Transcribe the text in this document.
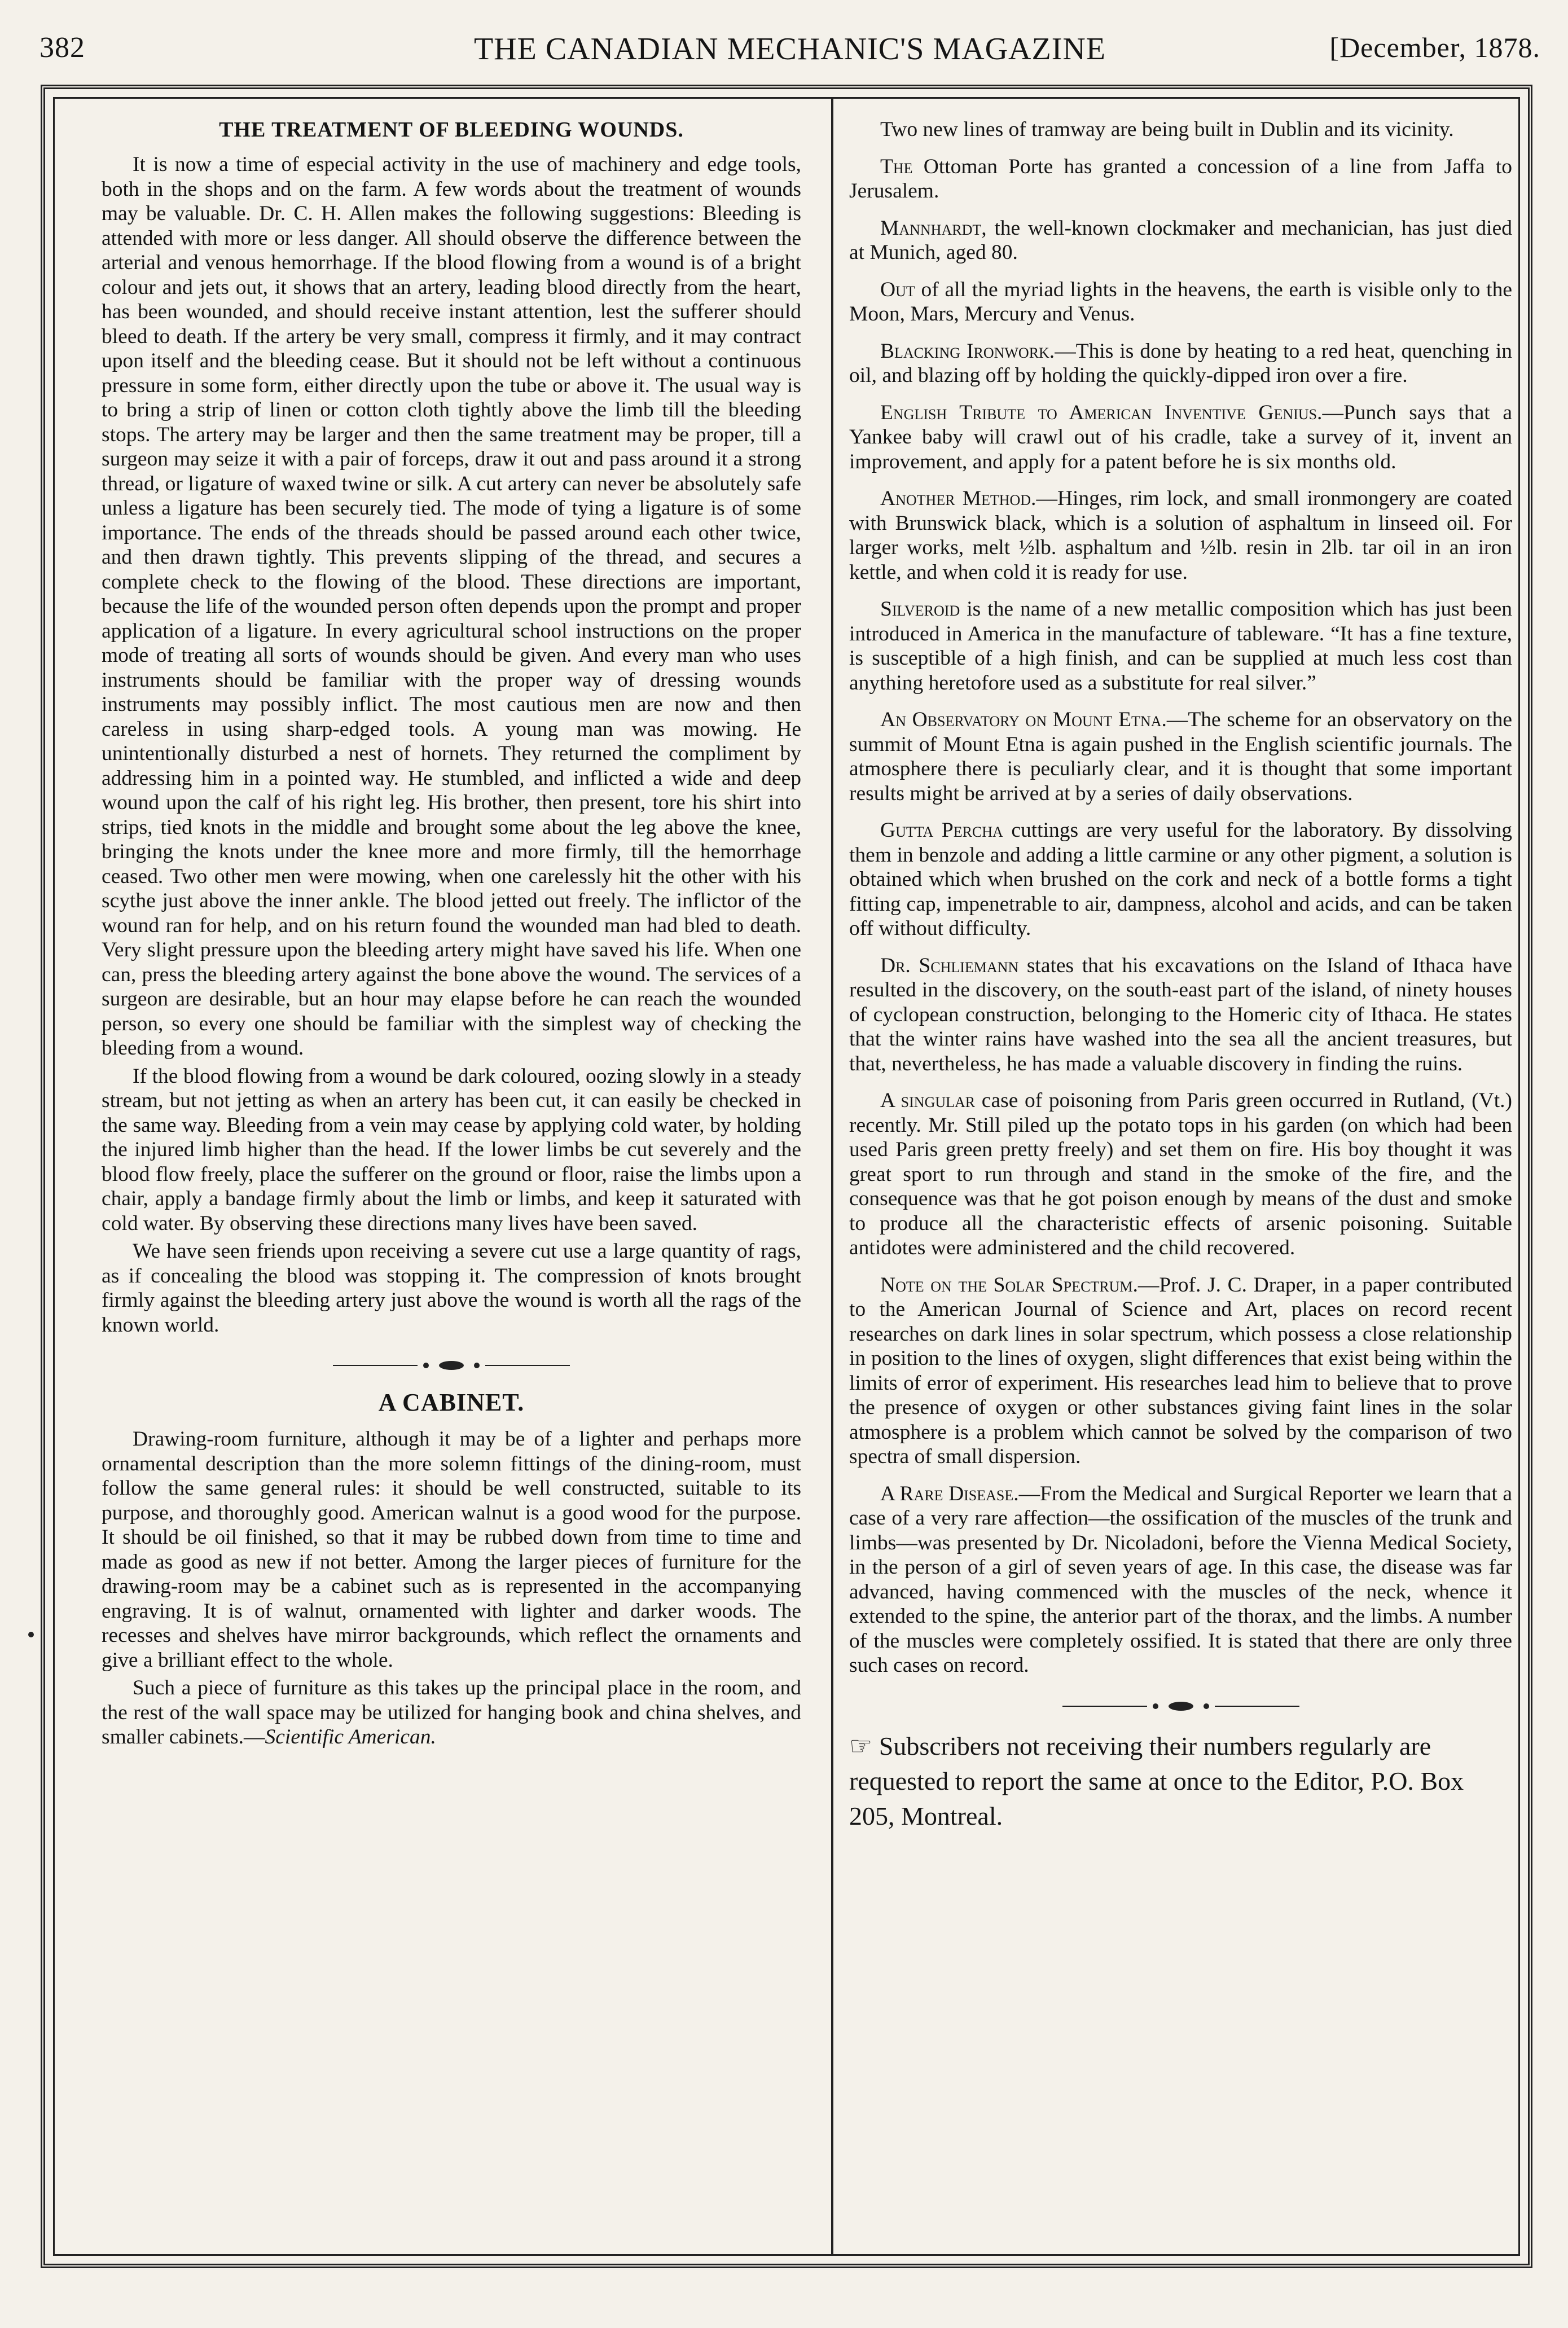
382	THE CANADIAN MECHANIC'S MAGAZINE	[December, 1878.
THE TREATMENT OF BLEEDING WOUNDS.

It is now a time of especial activity in the use of machinery and edge tools, both in the shops and on the farm. A few words about the treatment of wounds may be valuable. Dr. C. H. Allen makes the following suggestions: Bleeding is attended with more or less danger. All should observe the difference between the arterial and venous hemorrhage. If the blood flowing from a wound is of a bright colour and jets out, it shows that an artery, leading blood directly from the heart, has been wounded, and should receive instant attention, lest the sufferer should bleed to death. If the artery be very small, compress it firmly, and it may contract upon itself and the bleeding cease. But it should not be left without a continuous pressure in some form, either directly upon the tube or above it. The usual way is to bring a strip of linen or cotton cloth tightly above the limb till the bleeding stops. The artery may be larger and then the same treatment may be proper, till a surgeon may seize it with a pair of forceps, draw it out and pass around it a strong thread, or ligature of waxed twine or silk. A cut artery can never be absolutely safe unless a ligature has been securely tied. The mode of tying a ligature is of some importance. The ends of the threads should be passed around each other twice, and then drawn tightly. This prevents slipping of the thread, and secures a complete check to the flowing of the blood. These directions are important, because the life of the wounded person often depends upon the prompt and proper application of a ligature. In every agricultural school instructions on the proper mode of treating all sorts of wounds should be given. And every man who uses instruments should be familiar with the proper way of dressing wounds instruments may possibly inflict. The most cautious men are now and then careless in using sharp-edged tools. A young man was mowing. He unintentionally disturbed a nest of hornets. They returned the compliment by addressing him in a pointed way. He stumbled, and inflicted a wide and deep wound upon the calf of his right leg. His brother, then present, tore his shirt into strips, tied knots in the middle and brought some about the leg above the knee, bringing the knots under the knee more and more firmly, till the hemorrhage ceased. Two other men were mowing, when one carelessly hit the other with his scythe just above the inner ankle. The blood jetted out freely. The inflictor of the wound ran for help, and on his return found the wounded man had bled to death. Very slight pressure upon the bleeding artery might have saved his life. When one can, press the bleeding artery against the bone above the wound. The services of a surgeon are desirable, but an hour may elapse before he can reach the wounded person, so every one should be familiar with the simplest way of checking the bleeding from a wound.

If the blood flowing from a wound be dark coloured, oozing slowly in a steady stream, but not jetting as when an artery has been cut, it can easily be checked in the same way. Bleeding from a vein may cease by applying cold water, by holding the injured limb higher than the head. If the lower limbs be cut severely and the blood flow freely, place the sufferer on the ground or floor, raise the limbs upon a chair, apply a bandage firmly about the limb or limbs, and keep it saturated with cold water. By observing these directions many lives have been saved.

We have seen friends upon receiving a severe cut use a large quantity of rags, as if concealing the blood was stopping it. The compression of knots brought firmly against the bleeding artery just above the wound is worth all the rags of the known world.

A CABINET.

Drawing-room furniture, although it may be of a lighter and perhaps more ornamental description than the more solemn fittings of the dining-room, must follow the same general rules: it should be well constructed, suitable to its purpose, and thoroughly good. American walnut is a good wood for the purpose. It should be oil finished, so that it may be rubbed down from time to time and made as good as new if not better. Among the larger pieces of furniture for the drawing-room may be a cabinet such as is represented in the accompanying engraving. It is of walnut, ornamented with lighter and darker woods. The recesses and shelves have mirror backgrounds, which reflect the ornaments and give a brilliant effect to the whole.

Such a piece of furniture as this takes up the principal place in the room, and the rest of the wall space may be utilized for hanging book and china shelves, and smaller cabinets.—Scientific American.

Two new lines of tramway are being built in Dublin and its vicinity.

The Ottoman Porte has granted a concession of a line from Jaffa to Jerusalem.

Mannhardt, the well-known clockmaker and mechanician, has just died at Munich, aged 80.

Out of all the myriad lights in the heavens, the earth is visible only to the Moon, Mars, Mercury and Venus.

Blacking Ironwork.—This is done by heating to a red heat, quenching in oil, and blazing off by holding the quickly-dipped iron over a fire.

English Tribute to American Inventive Genius.—Punch says that a Yankee baby will crawl out of his cradle, take a survey of it, invent an improvement, and apply for a patent before he is six months old.

Another Method.—Hinges, rim lock, and small ironmongery are coated with Brunswick black, which is a solution of asphaltum in linseed oil. For larger works, melt ½lb. asphaltum and ½lb. resin in 2lb. tar oil in an iron kettle, and when cold it is ready for use.

Silveroid is the name of a new metallic composition which has just been introduced in America in the manufacture of tableware. “It has a fine texture, is susceptible of a high finish, and can be supplied at much less cost than anything heretofore used as a substitute for real silver.”

An Observatory on Mount Etna.—The scheme for an observatory on the summit of Mount Etna is again pushed in the English scientific journals. The atmosphere there is peculiarly clear, and it is thought that some important results might be arrived at by a series of daily observations.

Gutta Percha cuttings are very useful for the laboratory. By dissolving them in benzole and adding a little carmine or any other pigment, a solution is obtained which when brushed on the cork and neck of a bottle forms a tight fitting cap, impenetrable to air, dampness, alcohol and acids, and can be taken off without difficulty.

Dr. Schliemann states that his excavations on the Island of Ithaca have resulted in the discovery, on the south-east part of the island, of ninety houses of cyclopean construction, belonging to the Homeric city of Ithaca. He states that the winter rains have washed into the sea all the ancient treasures, but that, nevertheless, he has made a valuable discovery in finding the ruins.

A singular case of poisoning from Paris green occurred in Rutland, (Vt.) recently. Mr. Still piled up the potato tops in his garden (on which had been used Paris green pretty freely) and set them on fire. His boy thought it was great sport to run through and stand in the smoke of the fire, and the consequence was that he got poison enough by means of the dust and smoke to produce all the characteristic effects of arsenic poisoning. Suitable antidotes were administered and the child recovered.

Note on the Solar Spectrum.—Prof. J. C. Draper, in a paper contributed to the American Journal of Science and Art, places on record recent researches on dark lines in solar spectrum, which possess a close relationship in position to the lines of oxygen, slight differences that exist being within the limits of error of experiment. His researches lead him to believe that to prove the presence of oxygen or other substances giving faint lines in the solar atmosphere is a problem which cannot be solved by the comparison of two spectra of small dispersion.

A Rare Disease.—From the Medical and Surgical Reporter we learn that a case of a very rare affection—the ossification of the muscles of the trunk and limbs—was presented by Dr. Nicoladoni, before the Vienna Medical Society, in the person of a girl of seven years of age. In this case, the disease was far advanced, having commenced with the muscles of the neck, whence it extended to the spine, the anterior part of the thorax, and the limbs. A number of the muscles were completely ossified. It is stated that there are only three such cases on record.

☞ Subscribers not receiving their numbers regularly are requested to report the same at once to the Editor, P.O. Box 205, Montreal.
